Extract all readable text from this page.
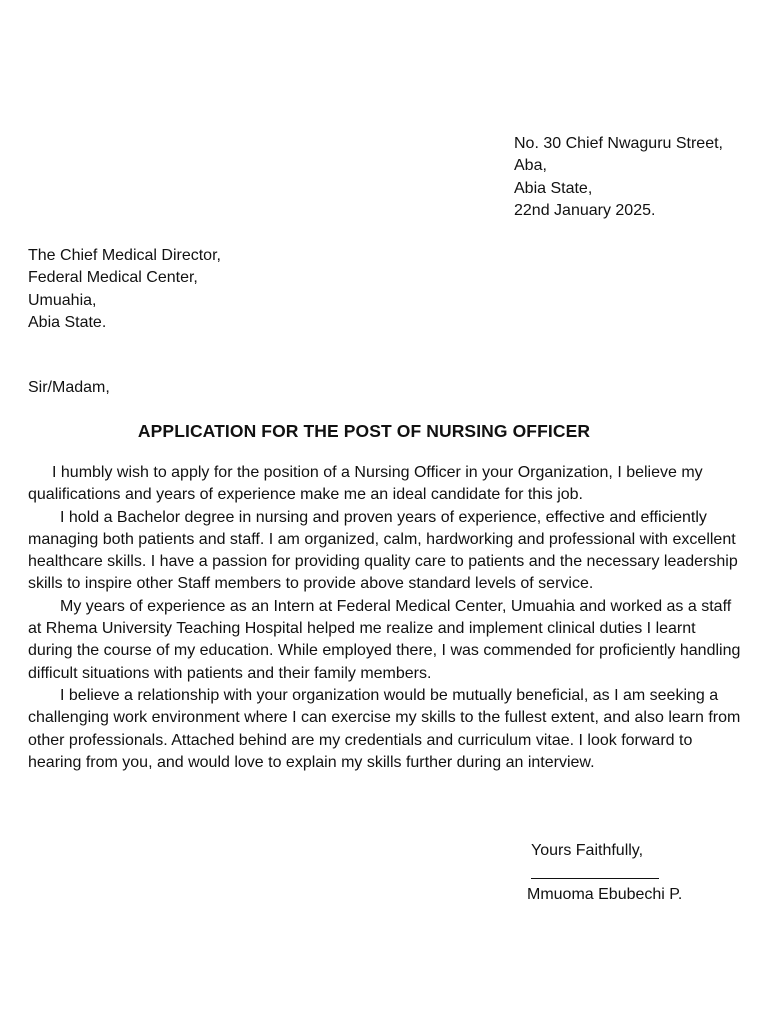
No. 30 Chief Nwaguru Street,
Aba,
Abia State,
22nd January 2025.
The Chief Medical Director,
Federal Medical Center,
Umuahia,
Abia State.
Sir/Madam,
APPLICATION FOR THE POST OF NURSING OFFICER

I humbly wish to apply for the position of a Nursing Officer in your Organization, I believe my qualifications and years of experience make me an ideal candidate for this job.

I hold a Bachelor degree in nursing and proven years of experience, effective and efficiently managing both patients and staff. I am organized, calm, hardworking and professional with excellent healthcare skills. I have a passion for providing quality care to patients and the necessary leadership skills to inspire other Staff members to provide above standard levels of service.

My years of experience as an Intern at Federal Medical Center, Umuahia and worked as a staff at Rhema University Teaching Hospital helped me realize and implement clinical duties I learnt during the course of my education. While employed there, I was commended for proficiently handling difficult situations with patients and their family members.

I believe a relationship with your organization would be mutually beneficial, as I am seeking a challenging work environment where I can exercise my skills to the fullest extent, and also learn from other professionals. Attached behind are my credentials and curriculum vitae. I look forward to hearing from you, and would love to explain my skills further during an interview.

Yours Faithfully,
Mmuoma Ebubechi P.
